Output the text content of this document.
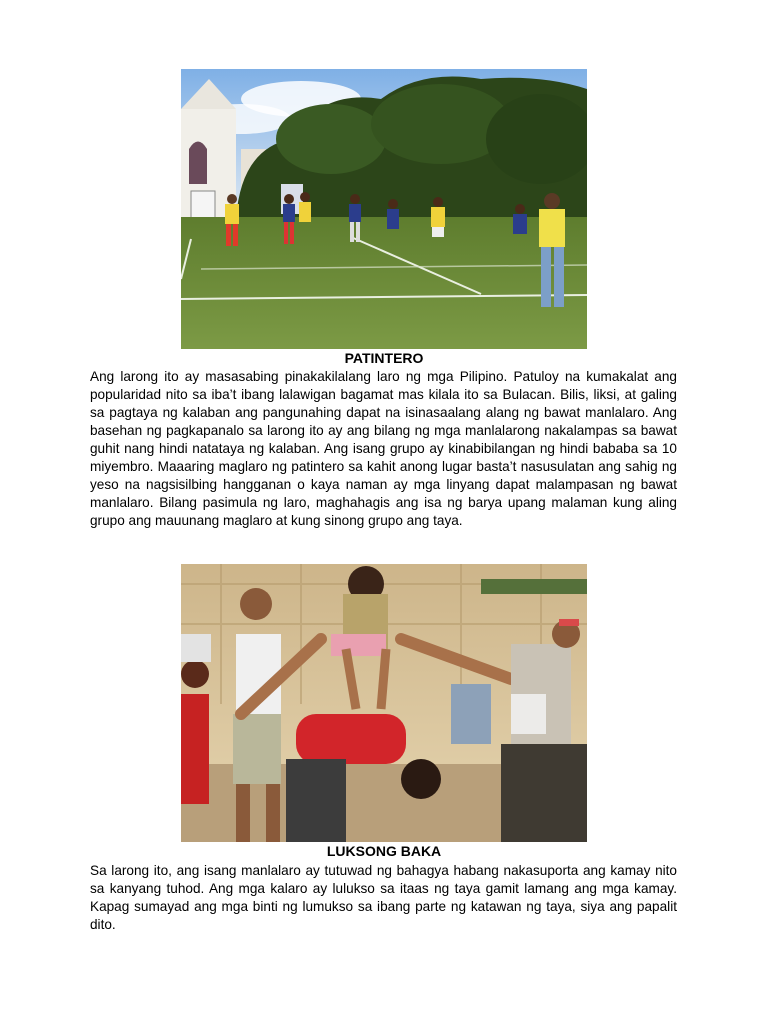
PATINTERO

Ang larong ito ay masasabing pinakakilalang laro ng mga Pilipino. Patuloy na kumakalat ang popularidad nito sa iba’t ibang lalawigan bagamat mas kilala ito sa Bulacan. Bilis, liksi, at galing sa pagtaya ng kalaban ang pangunahing dapat na isinasaalang alang ng bawat manlalaro. Ang basehan ng pagkapanalo sa larong ito ay ang bilang ng mga manlalarong nakalampas sa bawat guhit nang hindi natataya ng kalaban. Ang isang grupo ay kinabibilangan ng hindi bababa sa 10 miyembro. Maaaring maglaro ng patintero sa kahit anong lugar basta’t nasusulatan ang sahig ng yeso na nagsisilbing hangganan o kaya naman ay mga linyang dapat malampasan ng bawat manlalaro. Bilang pasimula ng laro, maghahagis ang isa ng barya upang malaman kung aling grupo ang mauunang maglaro at kung sinong grupo ang taya.

LUKSONG BAKA

Sa larong ito, ang isang manlalaro ay tutuwad ng bahagya habang nakasuporta ang kamay nito sa kanyang tuhod. Ang mga kalaro ay lulukso sa itaas ng taya gamit lamang ang mga kamay. Kapag sumayad ang mga binti ng lumukso sa ibang parte ng katawan ng taya, siya ang papalit dito.
